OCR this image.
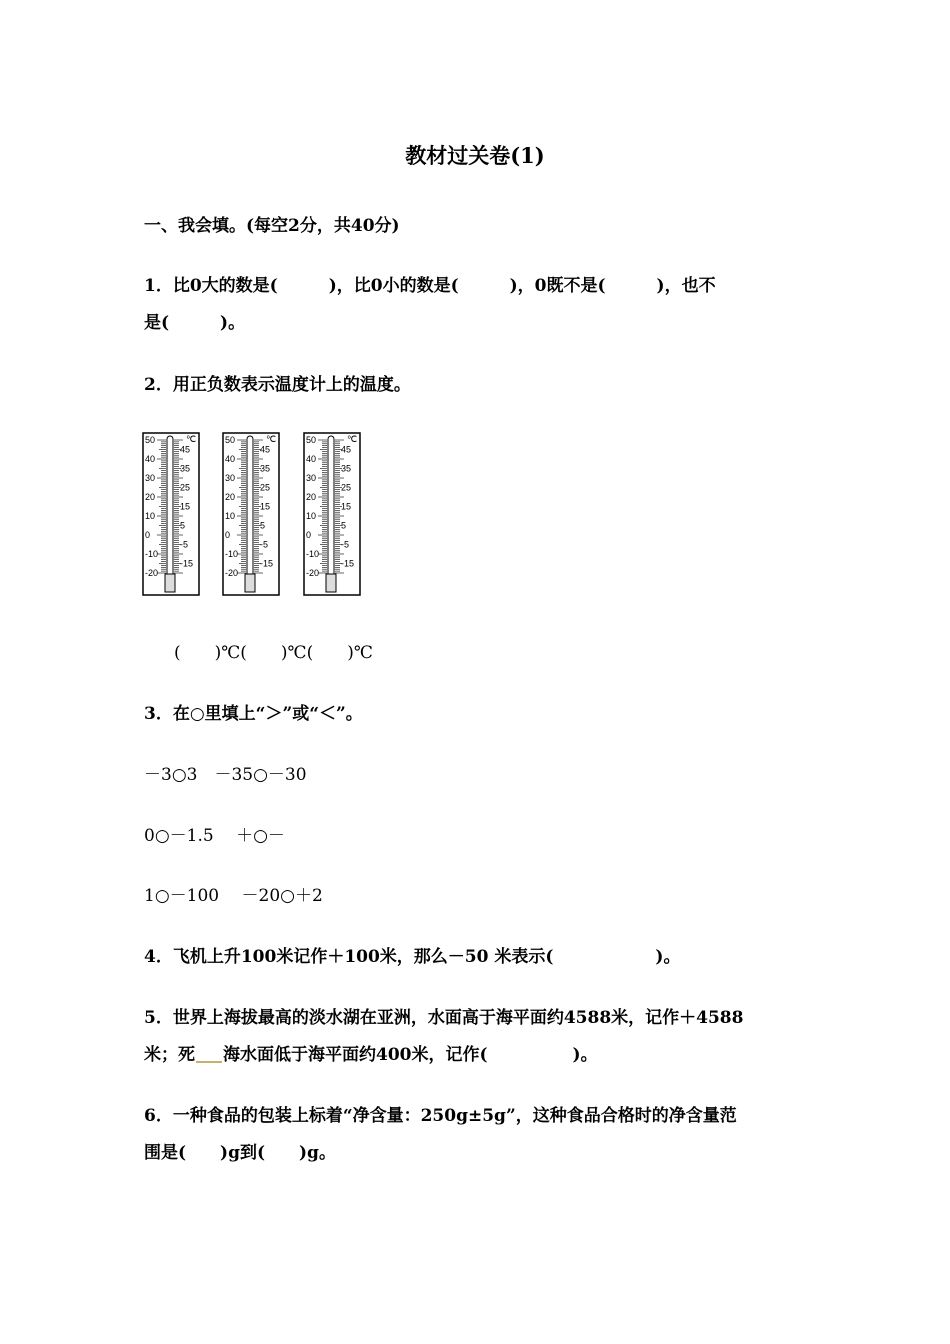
教材过关卷(1)
一、我会填。(每空2分，共40分)
1．比0大的数是(　　　)，比0小的数是(　　　)，0既不是(　　　)，也不
是(　　　)。
2．用正负数表示温度计上的温度。
50
40
30
20
10
0
-10
-20
45
35
25
15
5
-5
-15
℃	50
40
30
20
10
0
-10
-20
45
35
25
15
5
-5
-15
℃	50
40
30
20
10
0
-10
-20
45
35
25
15
5
-5
-15
℃
(　　)℃(　　)℃(　　)℃
3．在○里填上“＞”或“＜”。
－3○3　－35○－30
0○－1.5　 ＋○－
1○－100　 －20○＋2
4．飞机上升100米记作＋100米，那么－50 米表示(　　　　　　)。
5．世界上海拔最高的淡水湖在亚洲，水面高于海平面约4588米，记作＋4588
米；死 海水面低于海平面约400米，记作(　　　　　)。
6．一种食品的包装上标着“净含量：250g±5g”，这种食品合格时的净含量范
围是(　　)g到(　　)g。
